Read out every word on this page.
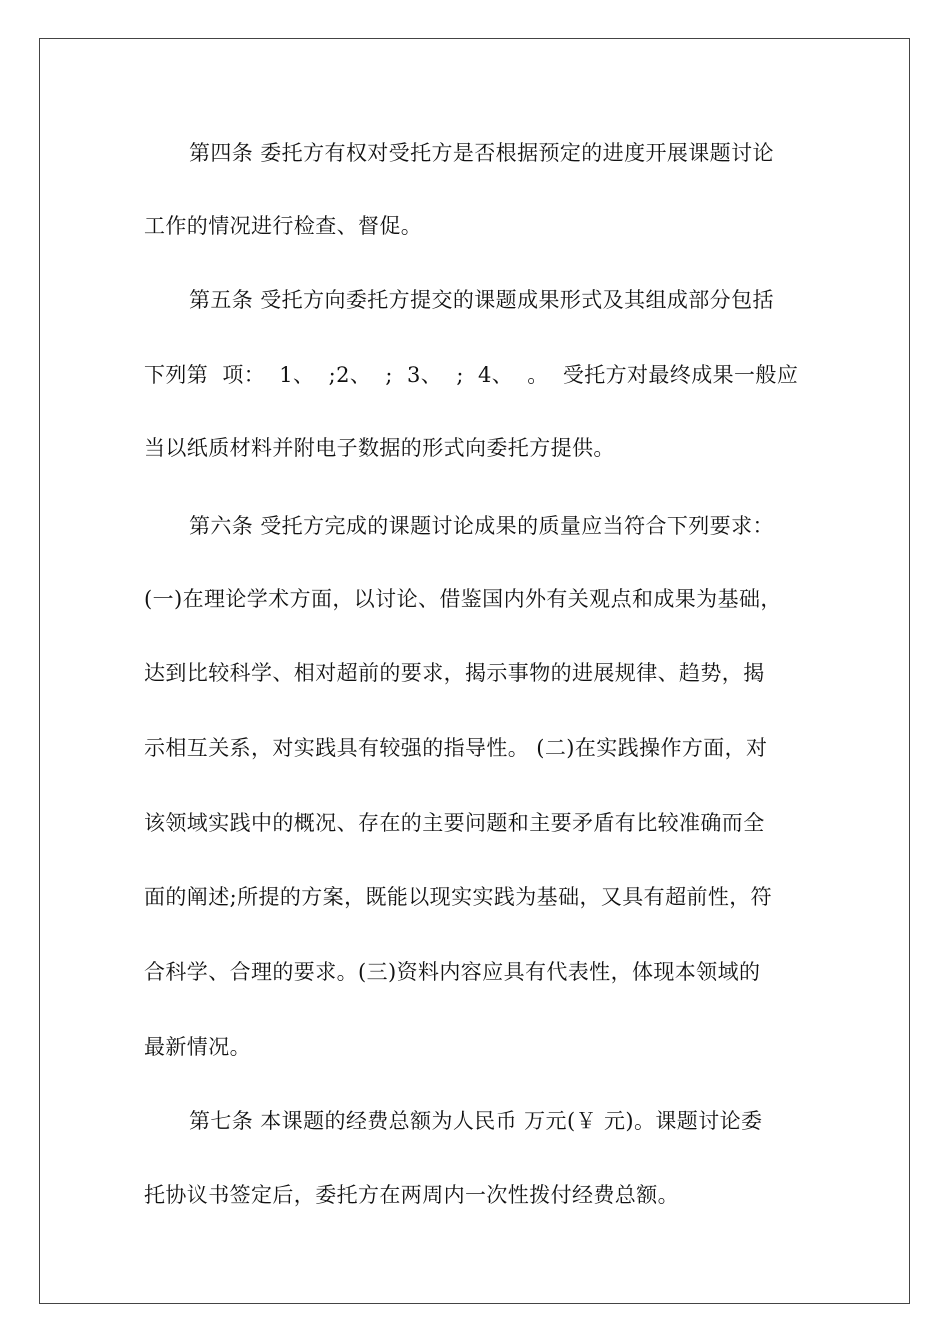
第四条 委托方有权对受托方是否根据预定的进度开展课题讨论
工作的情况进行检查、督促。
第五条 受托方向委托方提交的课题成果形式及其组成部分包括
下列第  项：  1、  ;2、  ;  3、  ;  4、  。  受托方对最终成果一般应
当以纸质材料并附电子数据的形式向委托方提供。
第六条 受托方完成的课题讨论成果的质量应当符合下列要求：
(一)在理论学术方面，以讨论、借鉴国内外有关观点和成果为基础，
达到比较科学、相对超前的要求，揭示事物的进展规律、趋势，揭
示相互关系，对实践具有较强的指导性。 (二)在实践操作方面，对
该领域实践中的概况、存在的主要问题和主要矛盾有比较准确而全
面的阐述;所提的方案，既能以现实实践为基础，又具有超前性，符
合科学、合理的要求。(三)资料内容应具有代表性，体现本领域的
最新情况。
第七条 本课题的经费总额为人民币 万元(￥ 元)。课题讨论委
托协议书签定后，委托方在两周内一次性拨付经费总额。
